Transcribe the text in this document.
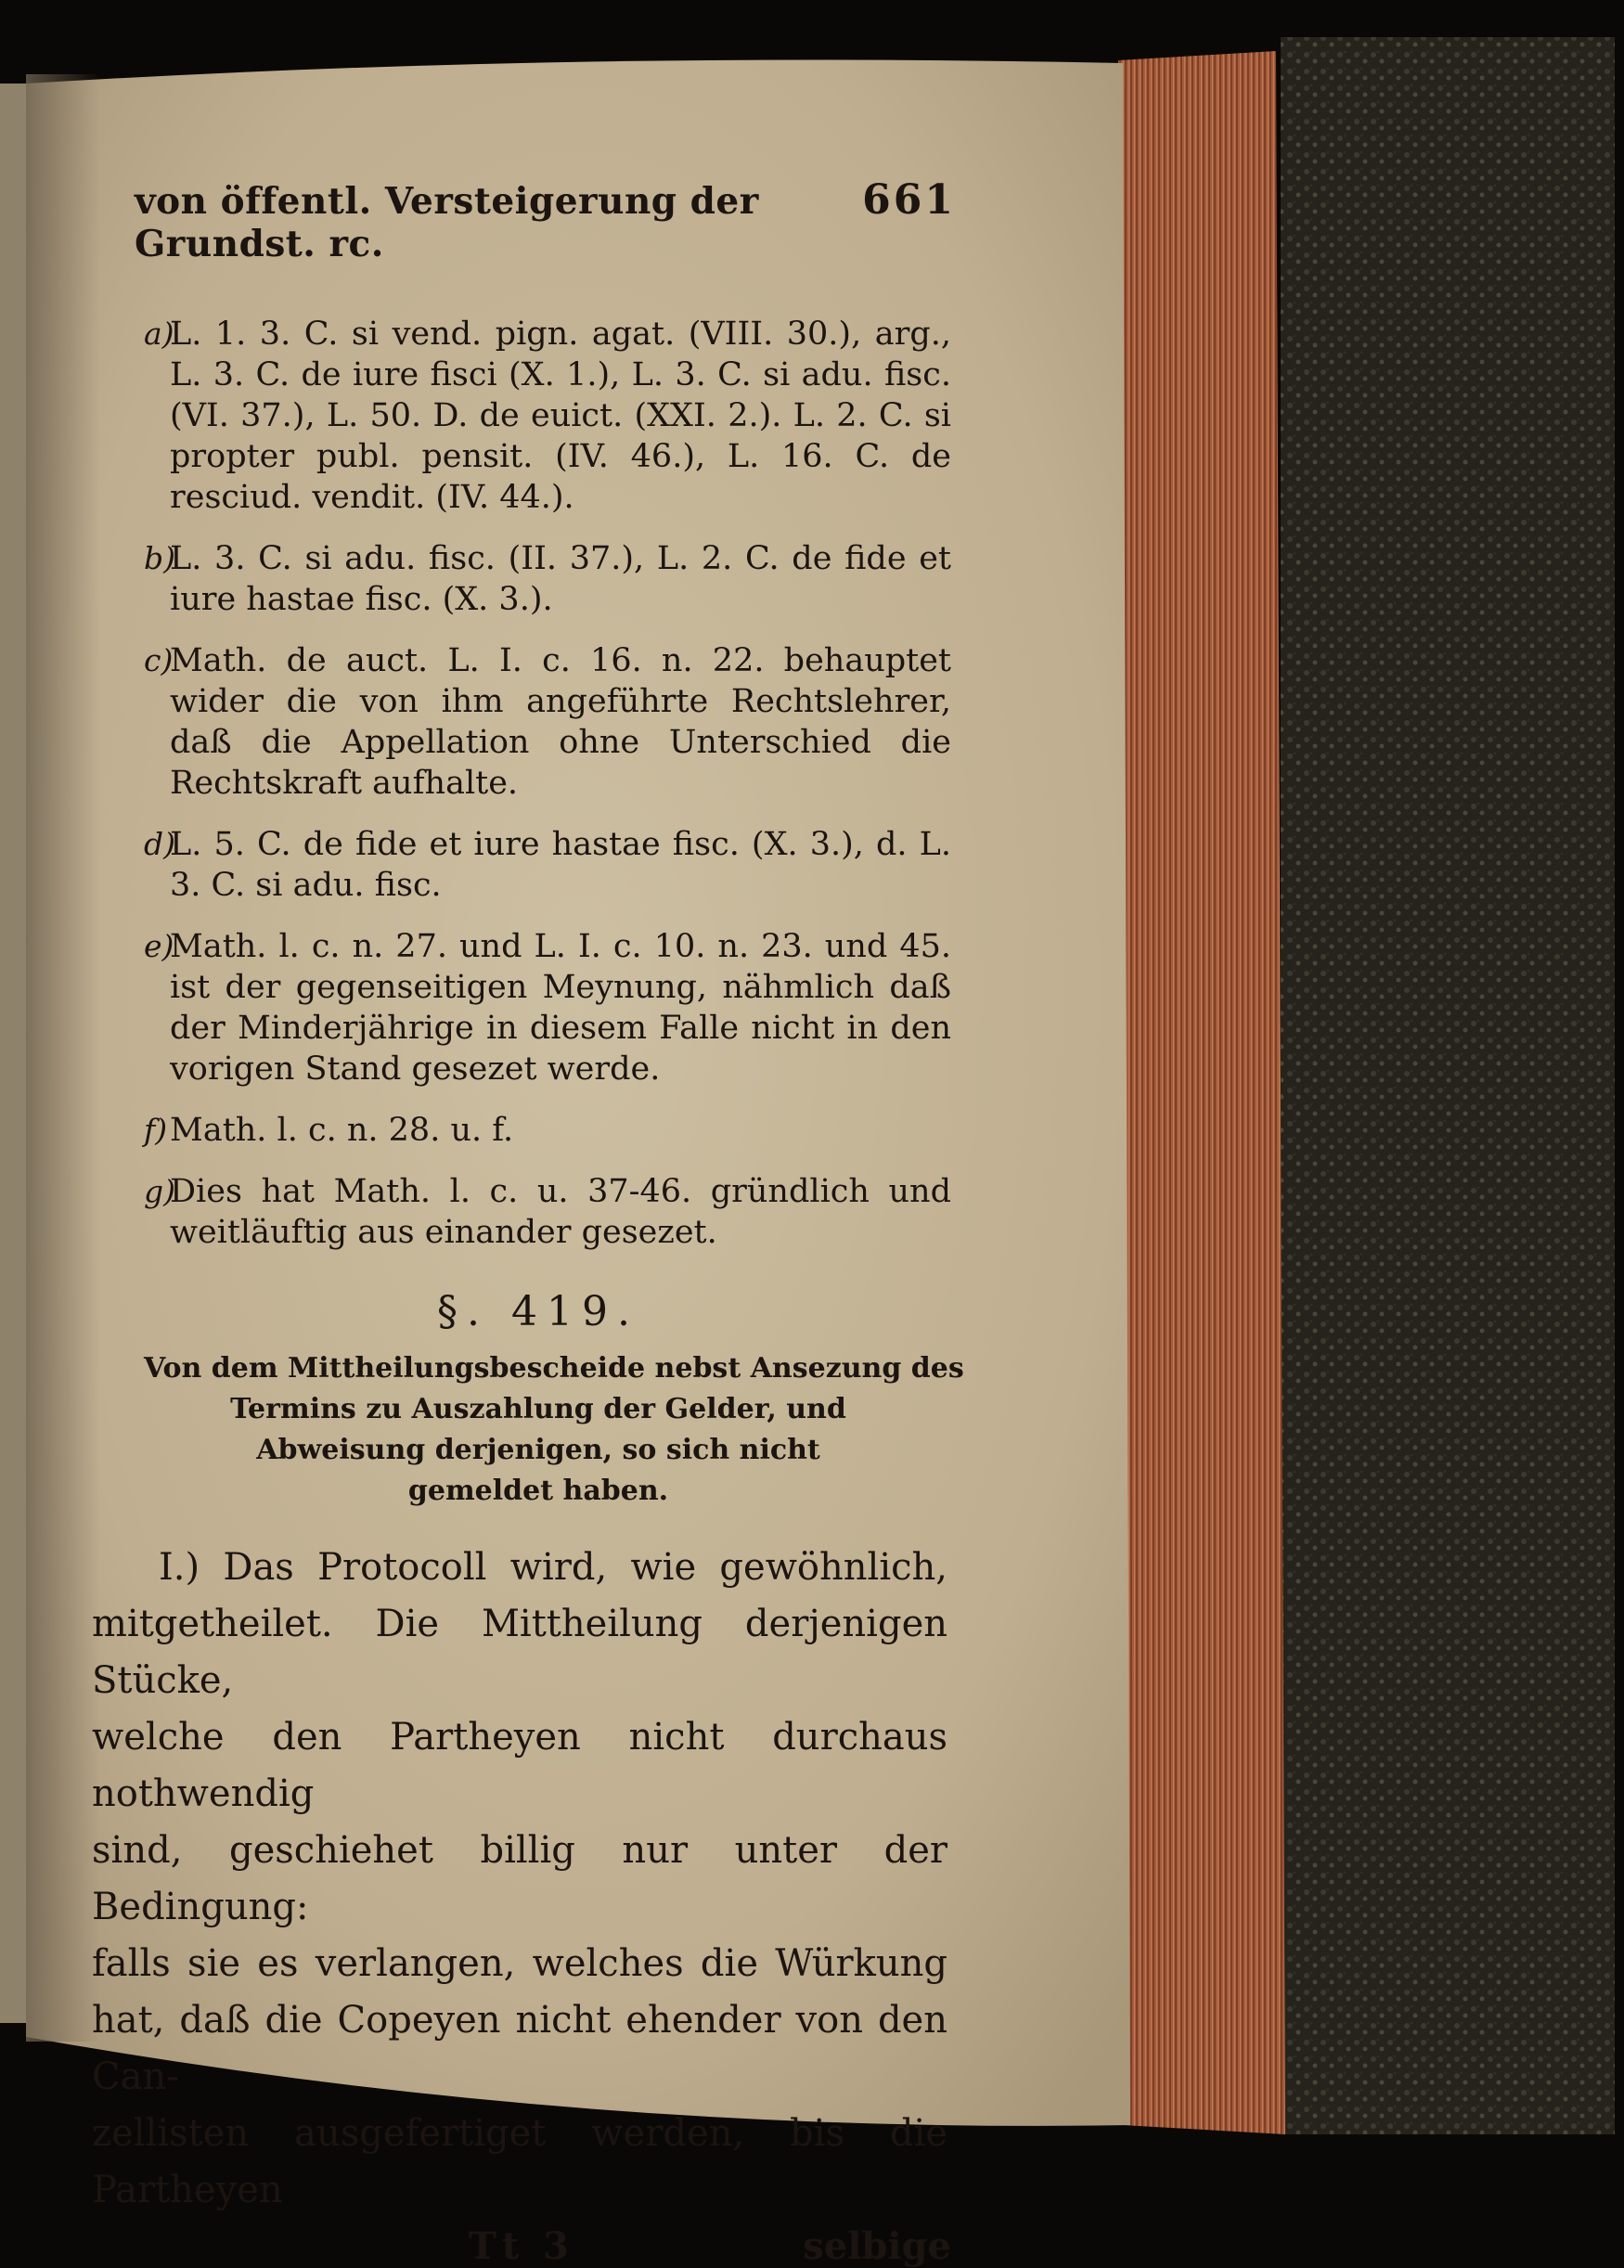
von öffentl. Versteigerung der Grundst. rc.
661
a)
L. 1. 3. C. si vend. pign. agat. (VIII. 30.), arg., L. 3. C. de iure fisci (X. 1.), L. 3. C. si adu. fisc. (VI. 37.), L. 50. D. de euict. (XXI. 2.). L. 2. C. si propter publ. pensit. (IV. 46.), L. 16. C. de resciud. vendit. (IV. 44.).
b)
L. 3. C. si adu. fisc. (II. 37.), L. 2. C. de fide et iure hastae fisc. (X. 3.).
c)
Math. de auct. L. I. c. 16. n. 22. behauptet wider die von ihm angeführte Rechtslehrer, daß die Appellation ohne Unterschied die Rechtskraft aufhalte.
d)
L. 5. C. de fide et iure hastae fisc. (X. 3.), d. L. 3. C. si adu. fisc.
e)
Math. l. c. n. 27. und L. I. c. 10. n. 23. und 45. ist der gegenseitigen Meynung, nähmlich daß der Minderjährige in diesem Falle nicht in den vorigen Stand gesezet werde.
f) Math. l. c. n. 28. u. f.
g)
Dies hat Math. l. c. u. 37-46. gründlich und weitläuftig aus einander gesezet.
§. 419.
Von dem Mittheilungsbescheide nebst Ansezung des
Termins zu Auszahlung der Gelder, und
Abweisung derjenigen, so sich nicht
gemeldet haben.
I.) Das Protocoll wird, wie gewöhnlich,
mitgetheilet. Die Mittheilung derjenigen Stücke,
welche den Partheyen nicht durchaus nothwendig
sind, geschiehet billig nur unter der Bedingung:
falls sie es verlangen, welches die Würkung
hat, daß die Copeyen nicht ehender von den Can-
zellisten ausgefertiget werden, bis die Partheyen
Tt 3	selbige
